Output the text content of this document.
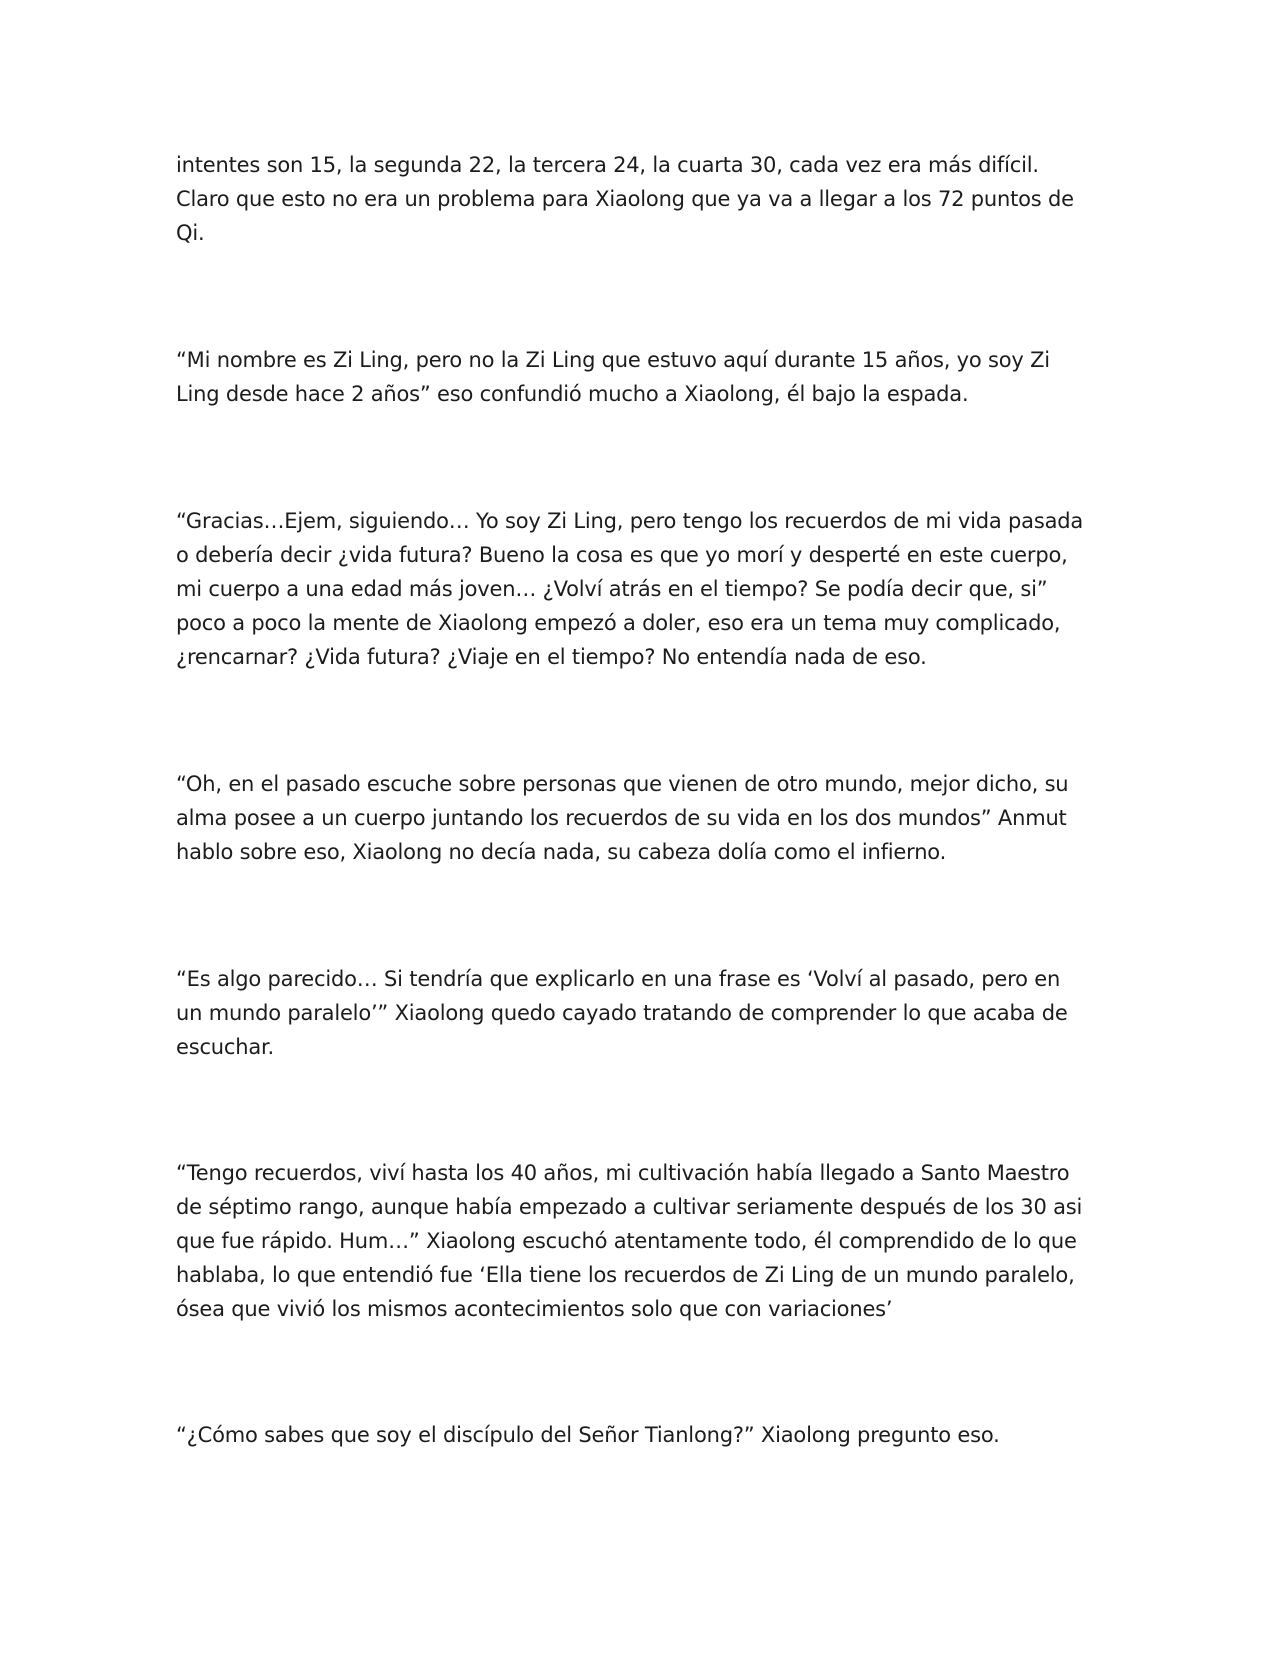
intentes son 15, la segunda 22, la tercera 24, la cuarta 30, cada vez era más difícil.
Claro que esto no era un problema para Xiaolong que ya va a llegar a los 72 puntos de
Qi.

“Mi nombre es Zi Ling, pero no la Zi Ling que estuvo aquí durante 15 años, yo soy Zi
Ling desde hace 2 años” eso confundió mucho a Xiaolong, él bajo la espada.

“Gracias…Ejem, siguiendo… Yo soy Zi Ling, pero tengo los recuerdos de mi vida pasada
o debería decir ¿vida futura? Bueno la cosa es que yo morí y desperté en este cuerpo,
mi cuerpo a una edad más joven… ¿Volví atrás en el tiempo? Se podía decir que, si”
poco a poco la mente de Xiaolong empezó a doler, eso era un tema muy complicado,
¿rencarnar? ¿Vida futura? ¿Viaje en el tiempo? No entendía nada de eso.

“Oh, en el pasado escuche sobre personas que vienen de otro mundo, mejor dicho, su
alma posee a un cuerpo juntando los recuerdos de su vida en los dos mundos” Anmut
hablo sobre eso, Xiaolong no decía nada, su cabeza dolía como el infierno.

“Es algo parecido… Si tendría que explicarlo en una frase es ‘Volví al pasado, pero en
un mundo paralelo’” Xiaolong quedo cayado tratando de comprender lo que acaba de
escuchar.

“Tengo recuerdos, viví hasta los 40 años, mi cultivación había llegado a Santo Maestro
de séptimo rango, aunque había empezado a cultivar seriamente después de los 30 asi
que fue rápido. Hum…” Xiaolong escuchó atentamente todo, él comprendido de lo que
hablaba, lo que entendió fue ‘Ella tiene los recuerdos de Zi Ling de un mundo paralelo,
ósea que vivió los mismos acontecimientos solo que con variaciones’

“¿Cómo sabes que soy el discípulo del Señor Tianlong?” Xiaolong pregunto eso.
